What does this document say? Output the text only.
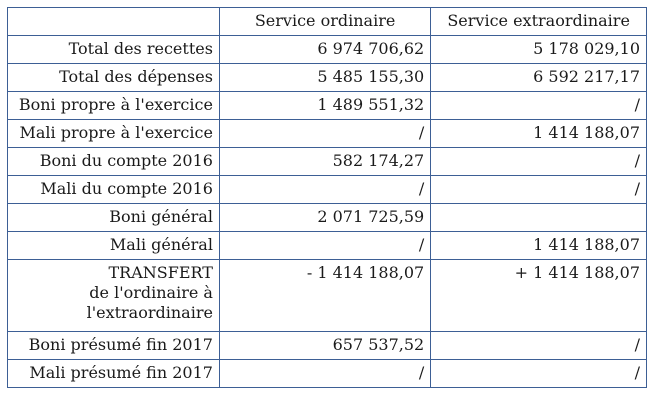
	Service ordinaire	Service extraordinaire
Total des recettes	6 974 706,62	5 178 029,10
Total des dépenses	5 485 155,30	6 592 217,17
Boni propre à l'exercice	1 489 551,32	/
Mali propre à l'exercice	/	1 414 188,07
Boni du compte 2016	582 174,27	/
Mali du compte 2016	/	/
Boni général	2 071 725,59	
Mali général	/	1 414 188,07

TRANSFERT
de l'ordinaire à
l'extraordinaire	- 1 414 188,07	+ 1 414 188,07
Boni présumé fin 2017	657 537,52	/
Mali présumé fin 2017	/	/
